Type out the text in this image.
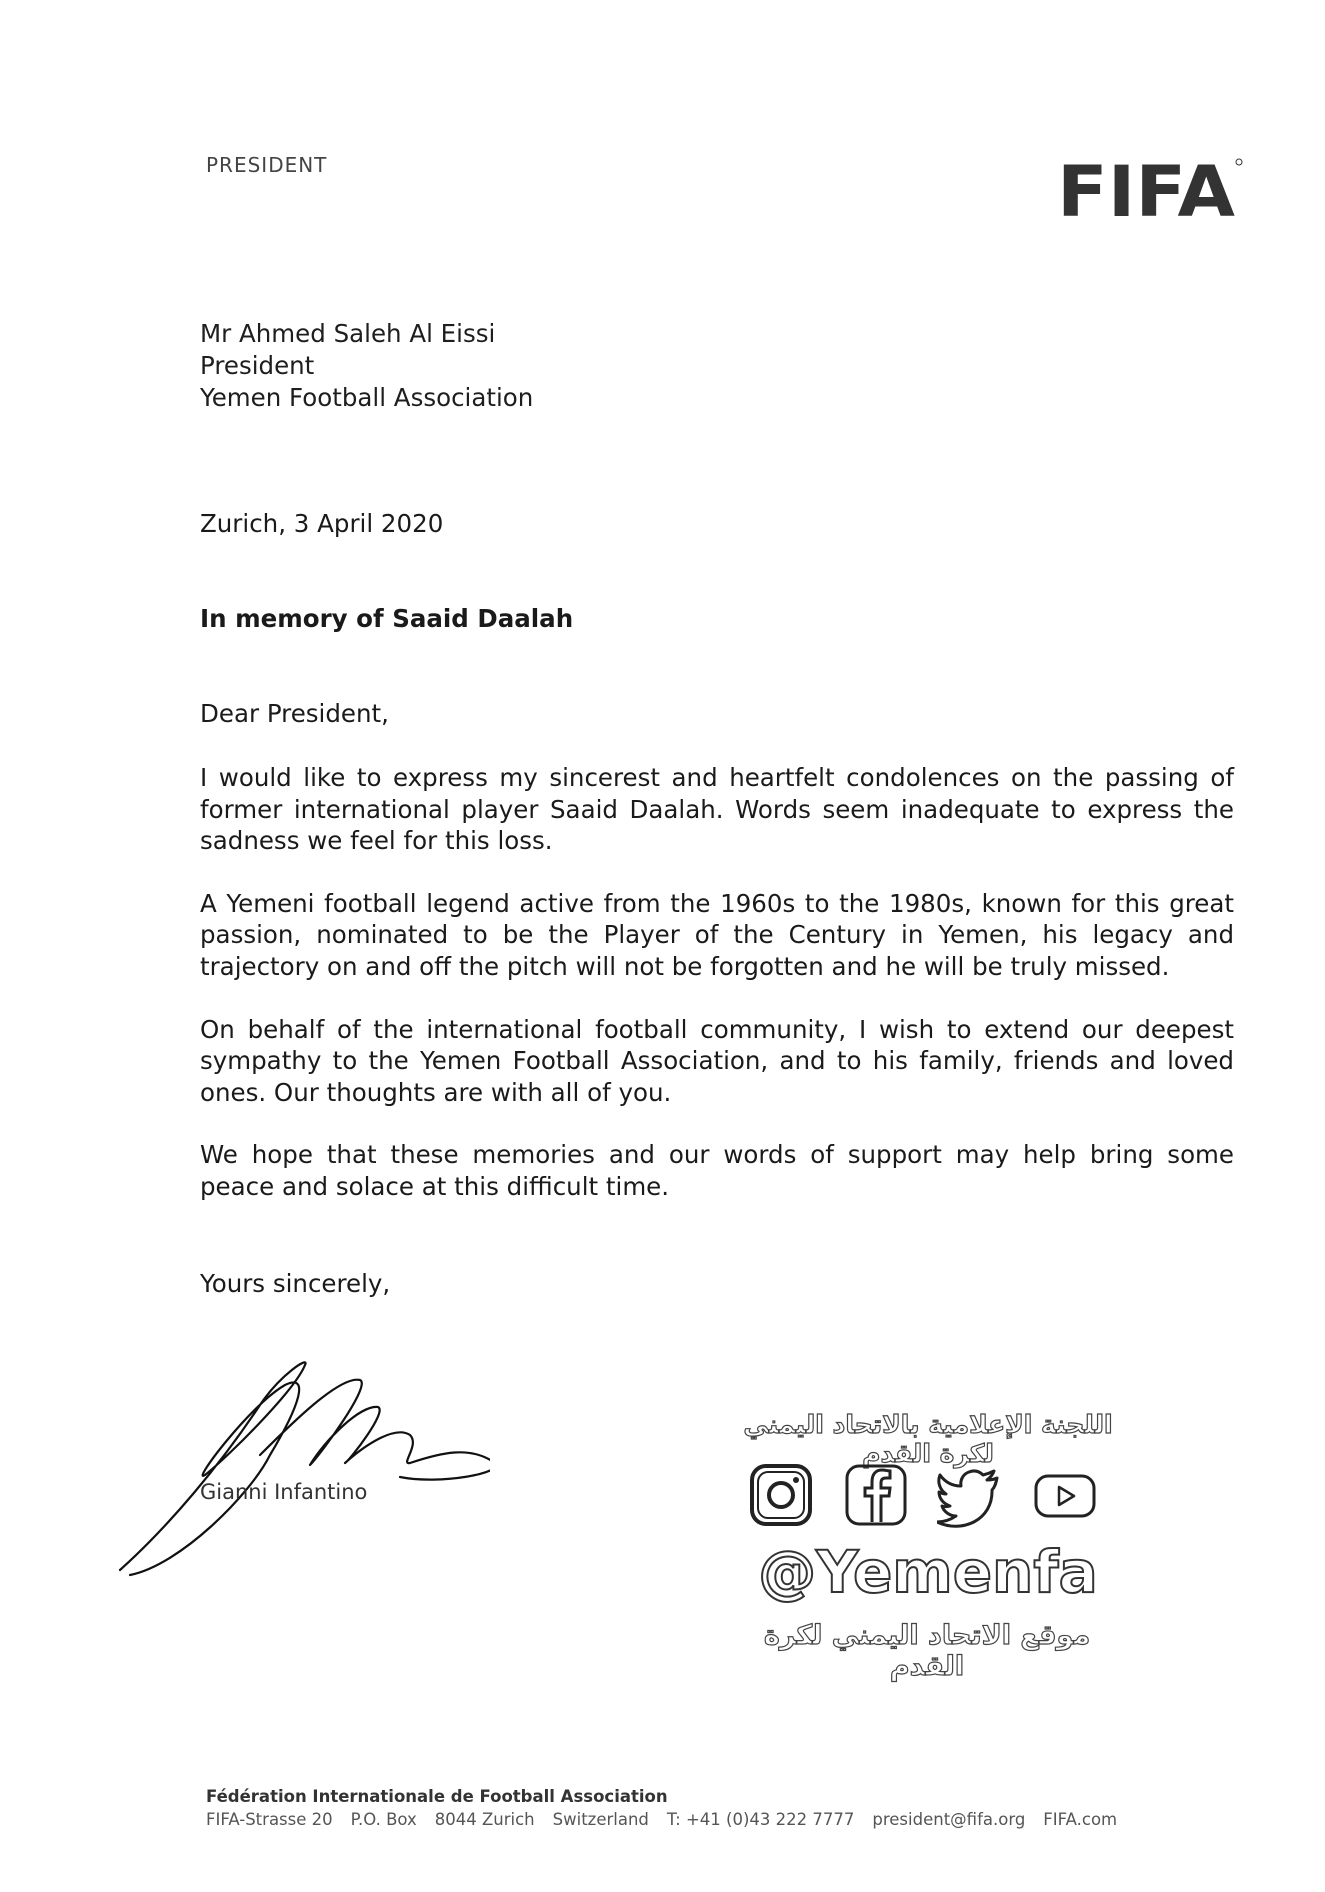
PRESIDENT	FIFA
Mr Ahmed Saleh Al Eissi
President
Yemen Football Association
Zurich, 3 April 2020
In memory of Saaid Daalah
Dear President,

I would like to express my sincerest and heartfelt condolences on the passing of former international player Saaid Daalah. Words seem inadequate to express the sadness we feel for this loss.

A Yemeni football legend active from the 1960s to the 1980s, known for this great passion, nominated to be the Player of the Century in Yemen, his legacy and trajectory on and off the pitch will not be forgotten and he will be truly missed.

On behalf of the international football community, I wish to extend our deepest sympathy to the Yemen Football Association, and to his family, friends and loved ones. Our thoughts are with all of you.

We hope that these memories and our words of support may help bring some peace and solace at this difficult time.

Yours sincerely,
Gianni Infantino
اللجنة الإعلامية بالاتحاد اليمني لكرة القدم
@Yemenfa
موقع الاتحاد اليمني لكرة القدم
Fédération Internationale de Football Association
FIFA-Strasse 20 P.O. Box 8044 Zurich Switzerland T: +41 (0)43 222 7777 president@fifa.org FIFA.com
